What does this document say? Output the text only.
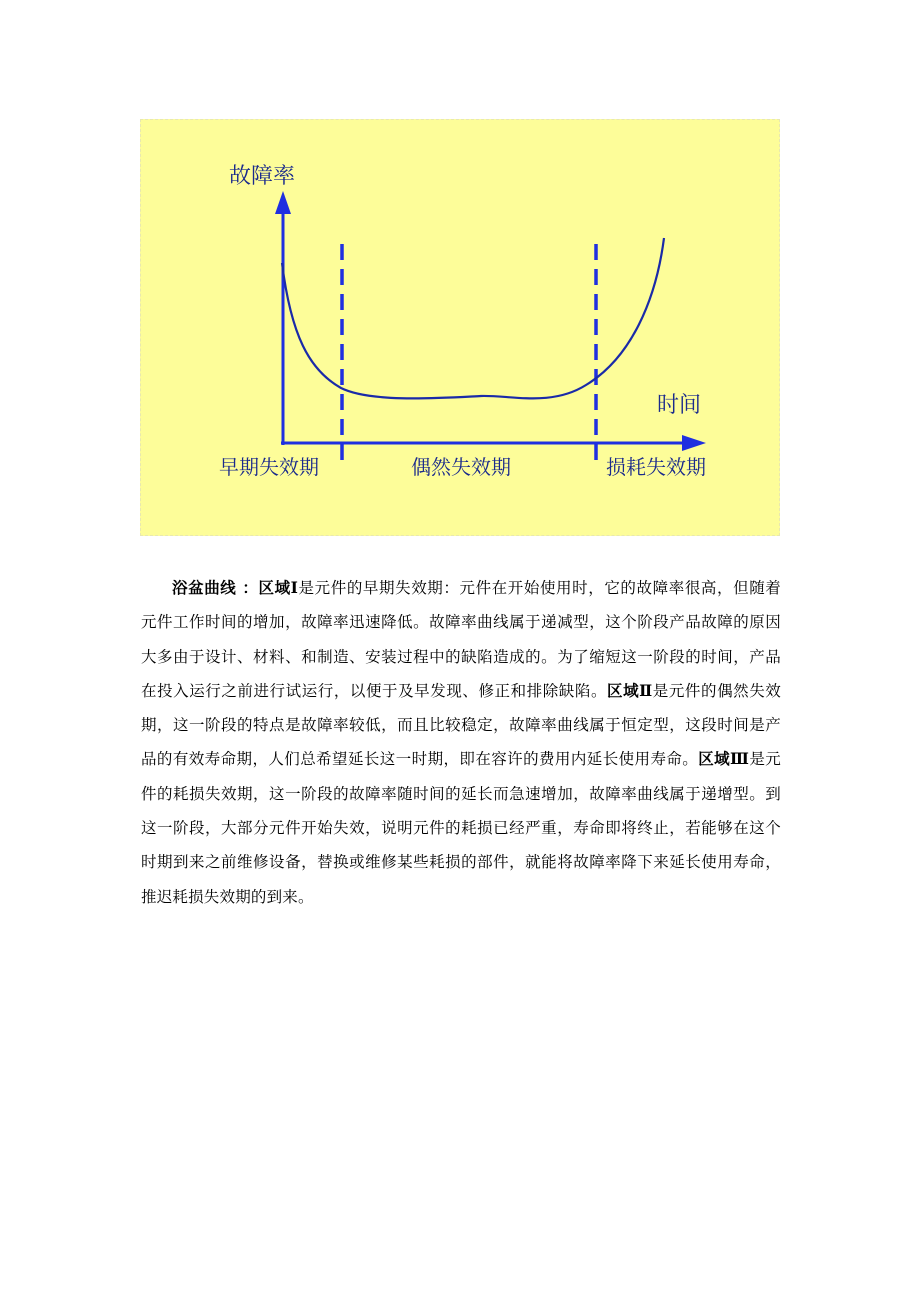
故障率
时间
早期失效期	偶然失效期	损耗失效期

浴盆曲线 ：区域Ⅰ是元件的早期失效期：元件在开始使用时，它的故障率很高，但随着元件工作时间的增加，故障率迅速降低。故障率曲线属于递减型，这个阶段产品故障的原因大多由于设计、材料、和制造、安装过程中的缺陷造成的。为了缩短这一阶段的时间，产品在投入运行之前进行试运行，以便于及早发现、修正和排除缺陷。区域Ⅱ是元件的偶然失效期，这一阶段的特点是故障率较低，而且比较稳定，故障率曲线属于恒定型，这段时间是产品的有效寿命期，人们总希望延长这一时期，即在容许的费用内延长使用寿命。区域Ⅲ是元件的耗损失效期，这一阶段的故障率随时间的延长而急速增加，故障率曲线属于递增型。到这一阶段，大部分元件开始失效，说明元件的耗损已经严重，寿命即将终止，若能够在这个时期到来之前维修设备，替换或维修某些耗损的部件，就能将故障率降下来延长使用寿命，推迟耗损失效期的到来。
